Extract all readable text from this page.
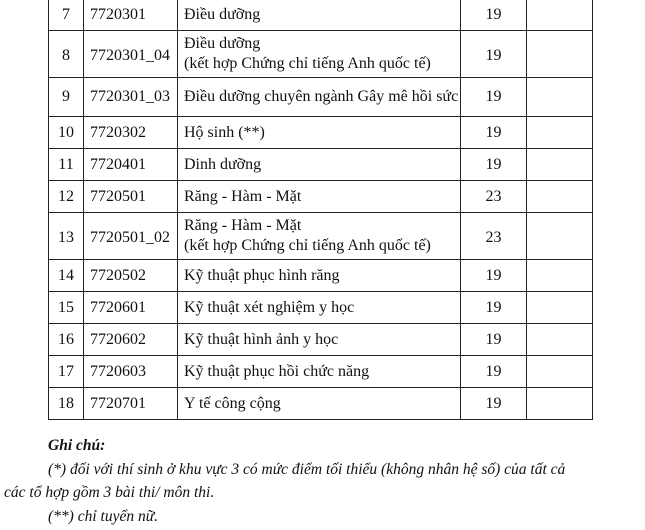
7	7720301	Điều dưỡng	19	
8	7720301_04	Điều dưỡng
(kết hợp Chứng chỉ tiếng Anh quốc tế)	19	
9	7720301_03	Điều dưỡng chuyên ngành Gây mê hồi sức	19	
10	7720302	Hộ sinh (**)	19	
11	7720401	Dinh dưỡng	19	
12	7720501	Răng - Hàm - Mặt	23	
13	7720501_02	Răng - Hàm - Mặt
(kết hợp Chứng chỉ tiếng Anh quốc tế)	23	
14	7720502	Kỹ thuật phục hình răng	19	
15	7720601	Kỹ thuật xét nghiệm y học	19	
16	7720602	Kỹ thuật hình ảnh y học	19	
17	7720603	Kỹ thuật phục hồi chức năng	19	
18	7720701	Y tế công cộng	19	
Ghi chú:
(*) đối với thí sinh ở khu vực 3 có mức điểm tối thiểu (không nhân hệ số) của tất cả
các tổ hợp gồm 3 bài thi/ môn thi.
(**) chỉ tuyển nữ.
